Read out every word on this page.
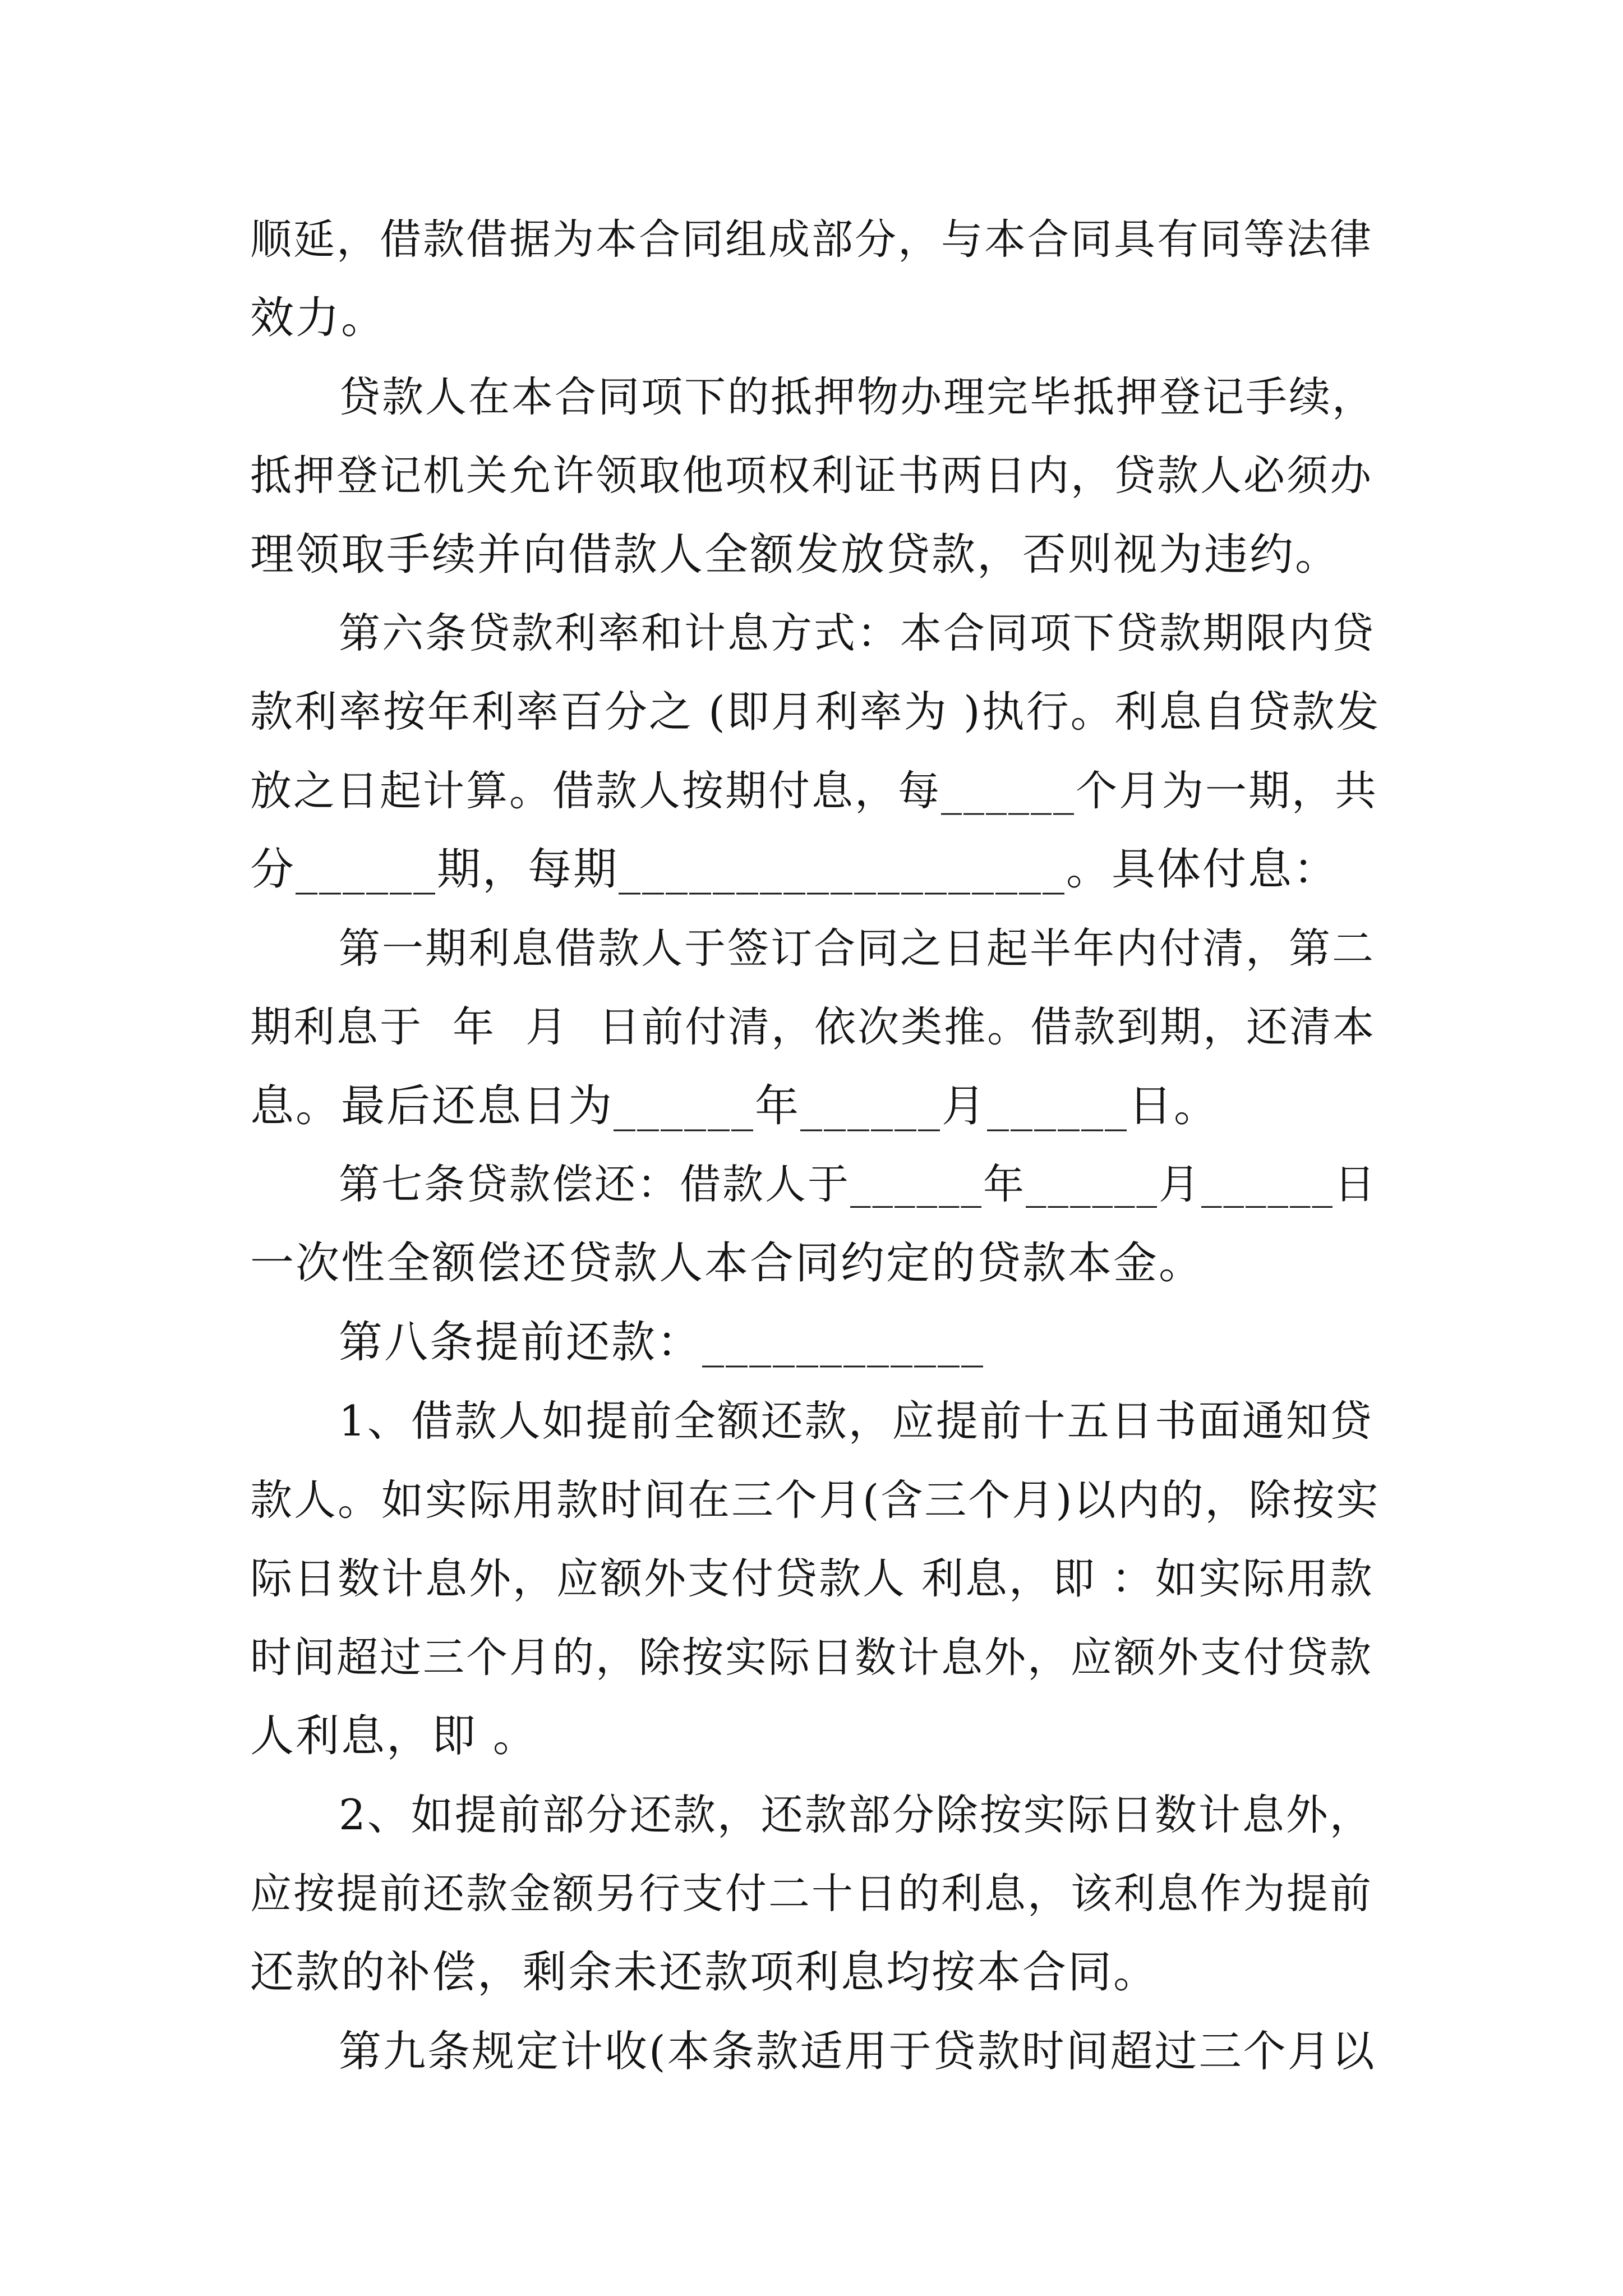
顺延，借款借据为本合同组成部分，与本合同具有同等法律
效力。
贷款人在本合同项下的抵押物办理完毕抵押登记手续，
抵押登记机关允许领取他项权利证书两日内，贷款人必须办
理领取手续并向借款人全额发放贷款，否则视为违约。
第六条贷款利率和计息方式：本合同项下贷款期限内贷
款利率按年利率百分之 (即月利率为 )执行。利息自贷款发
放之日起计算。借款人按期付息，每______个月为一期，共
分______期，每期___________________。具体付息：
第一期利息借款人于签订合同之日起半年内付清，第二
期利息于  年  月  日前付清，依次类推。借款到期，还清本
息。最后还息日为______年______月______日。
第七条贷款偿还：借款人于______年______月______日
一次性全额偿还贷款人本合同约定的贷款本金。
第八条提前还款：____________
1、借款人如提前全额还款，应提前十五日书面通知贷
款人。如实际用款时间在三个月(含三个月)以内的，除按实
际日数计息外，应额外支付贷款人 利息，即 ：如实际用款
时间超过三个月的，除按实际日数计息外，应额外支付贷款
人利息，即 。
2、如提前部分还款，还款部分除按实际日数计息外，
应按提前还款金额另行支付二十日的利息，该利息作为提前
还款的补偿，剩余未还款项利息均按本合同。
第九条规定计收(本条款适用于贷款时间超过三个月以
